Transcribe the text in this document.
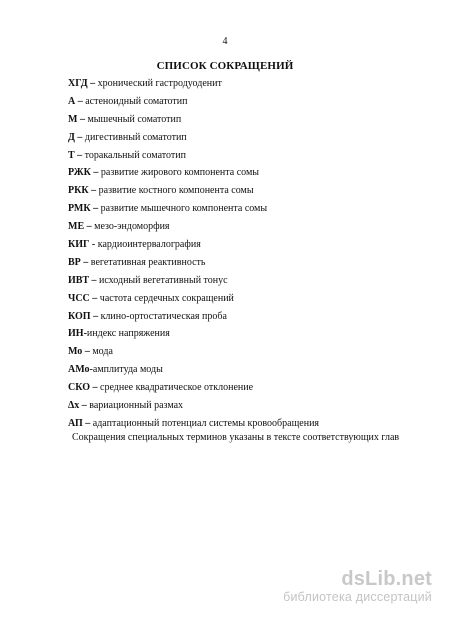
4
СПИСОК СОКРАЩЕНИЙ
ХГД – хронический гастродуоденит
А – астеноидный соматотип
М – мышечный соматотип
Д – дигестивный соматотип
Т – торакальный соматотип
РЖК – развитие жирового компонента сомы
РКК – развитие костного компонента сомы
РМК – развитие мышечного компонента сомы
МЕ – мезо-эндоморфия
КИГ - кардиоинтервалография
ВР – вегетативная реактивность
ИВТ – исходный вегетативный тонус
ЧСС – частота сердечных сокращений
КОП – клино-ортостатическая проба
ИН-индекс напряжения
Мо – мода
АМо-амплитуда моды
СКО – среднее квадратическое отклонение
Δx – вариационный размах
АП – адаптационный потенциал системы кровообращения
Сокращения специальных терминов указаны в тексте соответствующих глав
dsLib.net
библиотека диссертаций
